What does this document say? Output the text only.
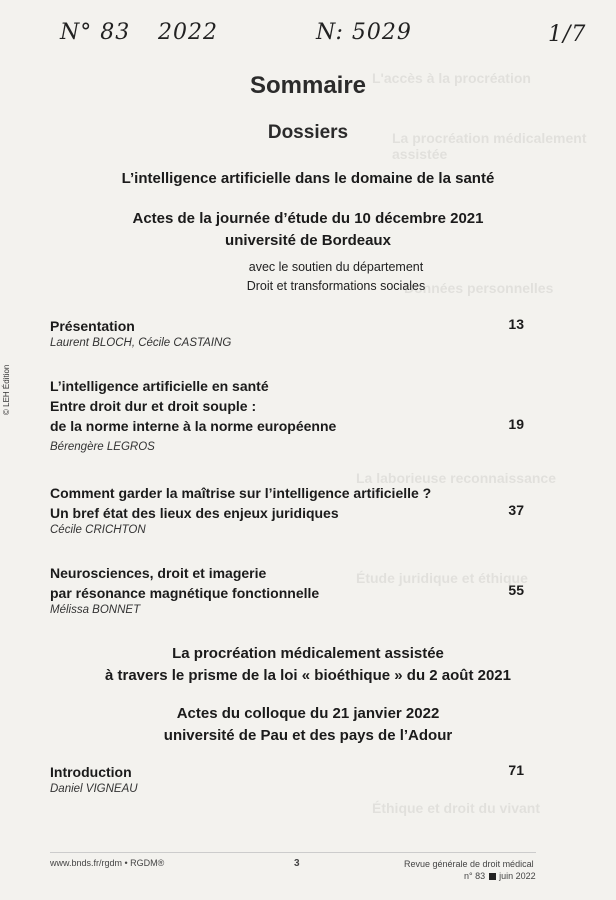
L'accès à la procréation
La procréation médicalement assistée
Données personnelles
La laborieuse reconnaissance
Étude juridique et éthique
Éthique et droit du vivant
N° 83 2022	N: 5029	1/7
© LEH Édition
Sommaire
Dossiers
L’intelligence artificielle dans le domaine de la santé
Actes de la journée d’étude du 10 décembre 2021
université de Bordeaux
avec le soutien du département
Droit et transformations sociales
Présentation
Laurent BLOCH, Cécile CASTAING
13
L’intelligence artificielle en santé
Entre droit dur et droit souple :
de la norme interne à la norme européenne
Bérengère LEGROS
19
Comment garder la maîtrise sur l’intelligence artificielle ?
Un bref état des lieux des enjeux juridiques
Cécile CRICHTON
37
Neurosciences, droit et imagerie
par résonance magnétique fonctionnelle
Mélissa BONNET
55
La procréation médicalement assistée
à travers le prisme de la loi « bioéthique » du 2 août 2021
Actes du colloque du 21 janvier 2022
université de Pau et des pays de l’Adour
Introduction
Daniel VIGNEAU
71
www.bnds.fr/rgdm • RGDM®	3	Revue générale de droit médical
n° 83 juin 2022
